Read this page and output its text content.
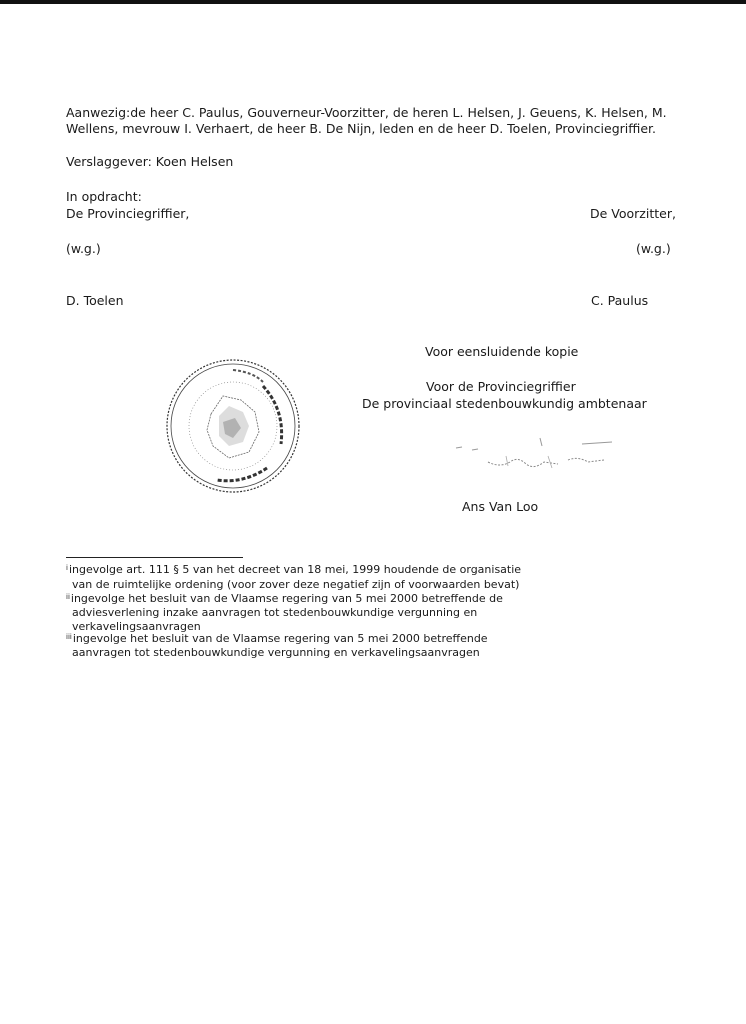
Aanwezig:de heer C. Paulus, Gouverneur-Voorzitter, de heren L. Helsen, J. Geuens, K. Helsen, M.
Wellens, mevrouw I. Verhaert, de heer B. De Nijn, leden en de heer D. Toelen, Provinciegriffier.
Verslaggever: Koen Helsen
In opdracht:
De Provinciegriffier,	De Voorzitter,
(w.g.)	(w.g.)
D. Toelen	C. Paulus
Voor eensluidende kopie
Voor de Provinciegriffier
De provinciaal stedenbouwkundig ambtenaar
Ans Van Loo
$^i$ingevolge art. 111 § 5 van het decreet van 18 mei, 1999 houdende de organisatie
van de ruimtelijke ordening (voor zover deze negatief zijn of voorwaarden bevat)
$^{ii}$ingevolge het besluit van de Vlaamse regering van 5 mei 2000 betreffende de
adviesverlening inzake aanvragen tot stedenbouwkundige vergunning en
verkavelingsaanvragen
$^{iii}$ingevolge het besluit van de Vlaamse regering van 5 mei 2000 betreffende
aanvragen tot stedenbouwkundige vergunning en verkavelingsaanvragen
